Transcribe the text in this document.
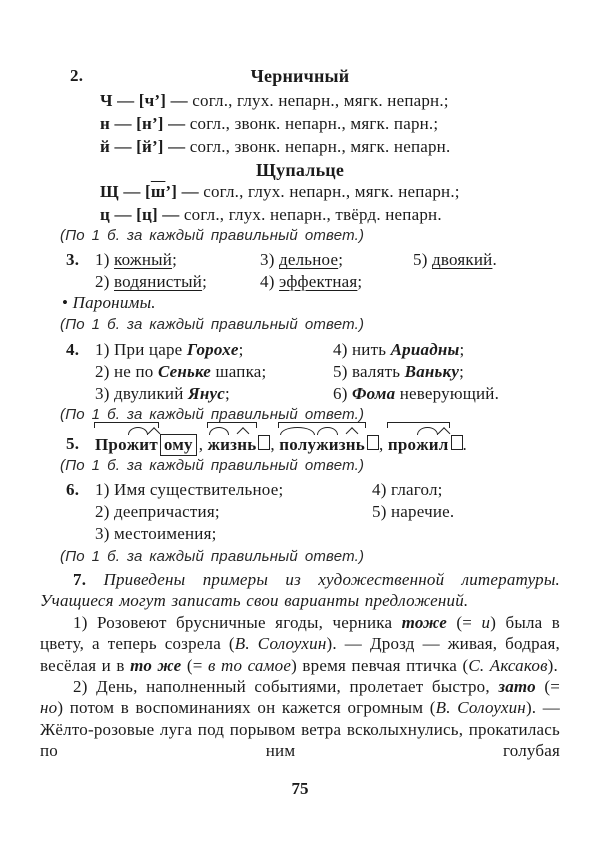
2.	Черничный
Ч — [ч’] — согл., глух. непарн., мягк. непарн.;
н — [н’] — согл., звонк. непарн., мягк. парн.;
й — [й’] — согл., звонк. непарн., мягк. непарн.
Щупальце
Щ — [ш’] — согл., глух. непарн., мягк. непарн.;
ц — [ц] — согл., глух. непарн., твёрд. непарн.
(По 1 б. за каждый правильный ответ.)
3. 1) кожный;	3) дельное;	5) двоякий.
2) водянистый;	4) эффектная;
• Паронимы.
(По 1 б. за каждый правильный ответ.)
4. 1) При царе Горохе;	4) нить Ариадны;
2) не по Сеньке шапка;	5) валять Ваньку;
3) двуликий Янус;	6) Фома неверующий.
(По 1 б. за каждый правильный ответ.)
5. Прожит ому , жизнь , полужизнь , прожил .
(По 1 б. за каждый правильный ответ.)
6. 1) Имя существительное;	4) глагол;
2) деепричастия;	5) наречие.
3) местоимения;
(По 1 б. за каждый правильный ответ.)
7. Приведены примеры из художественной литературы. Учащиеся могут записать свои варианты предложений.
1) Розовеют брусничные ягоды, черника тоже (= и) была в цвету, а теперь созрела (В. Солоухин). — Дрозд — живая, бодрая, весёлая и в то же (= в то самое) время певчая птичка (С. Аксаков).
2) День, наполненный событиями, пролетает быстро, зато (= но) потом в воспоминаниях он кажется огромным (В. Солоухин). — Жёлто-розовые луга под порывом ветра всколыхнулись, прокатилась по ним голубая
75
